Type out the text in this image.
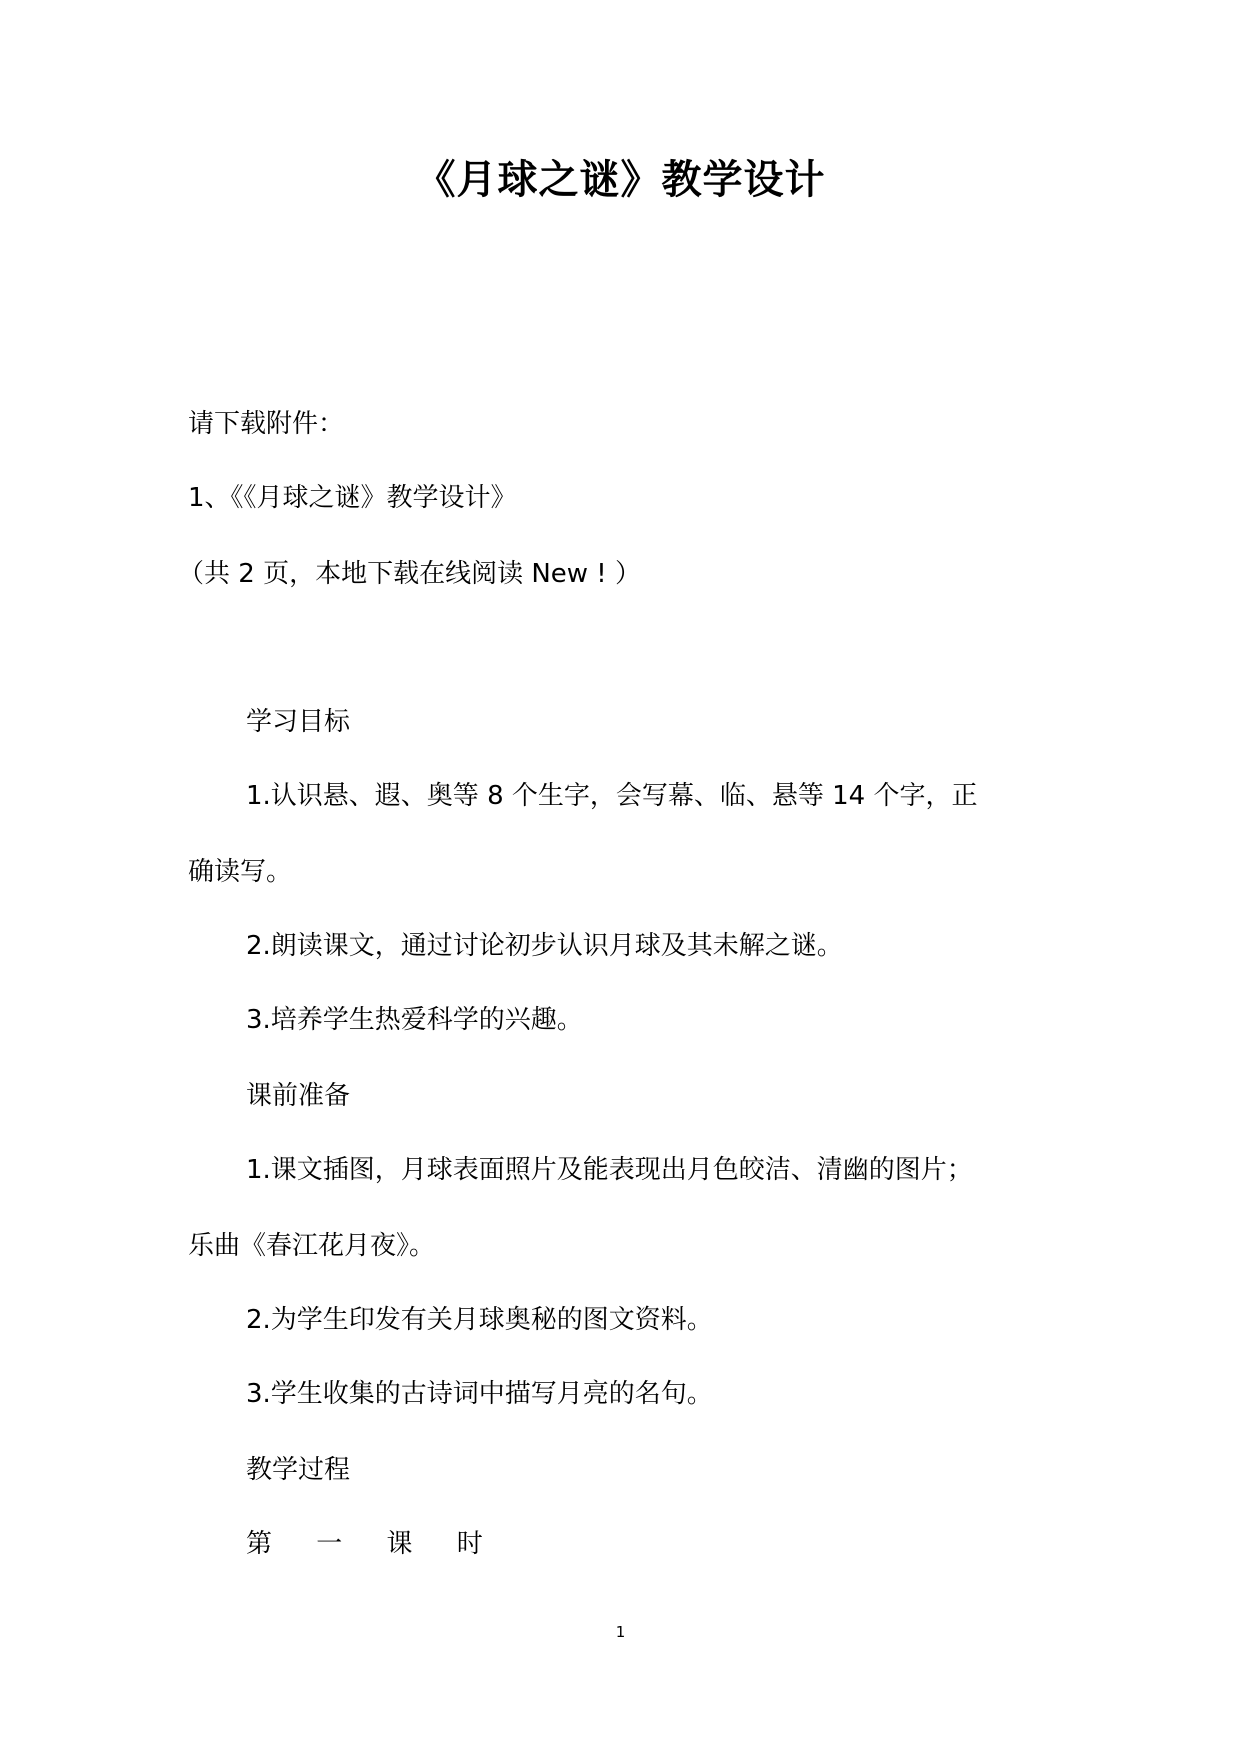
《月球之谜》教学设计
请下载附件：
1、《《月球之谜》教学设计》
（共 2 页，本地下载在线阅读 New ! ）
学习目标
1.认识悬、遐、奥等 8 个生字，会写幕、临、悬等 14 个字，正
确读写。
2.朗读课文，通过讨论初步认识月球及其未解之谜。
3.培养学生热爱科学的兴趣。
课前准备
1.课文插图，月球表面照片及能表现出月色皎洁、清幽的图片；
乐曲《春江花月夜》。
2.为学生印发有关月球奥秘的图文资料。
3.学生收集的古诗词中描写月亮的名句。
教学过程
第 一 课 时
1
